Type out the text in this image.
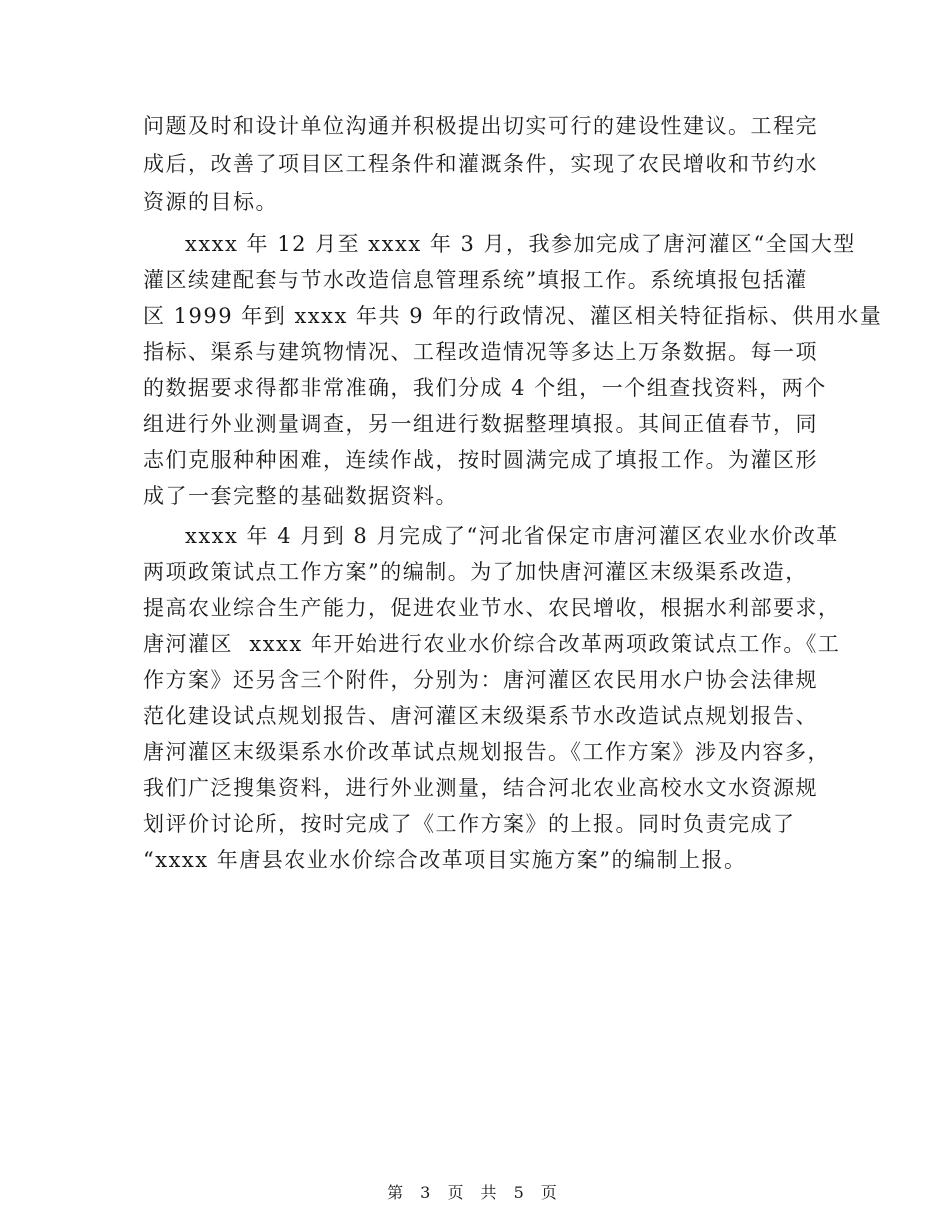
问题及时和设计单位沟通并积极提出切实可行的建设性建议。工程完
成后，改善了项目区工程条件和灌溉条件，实现了农民增收和节约水
资源的目标。
xxxx 年 12 月至 xxxx 年 3 月，我参加完成了唐河灌区“全国大型
灌区续建配套与节水改造信息管理系统”填报工作。系统填报包括灌
区 1999 年到 xxxx 年共 9 年的行政情况、灌区相关特征指标、供用水量
指标、渠系与建筑物情况、工程改造情况等多达上万条数据。每一项
的数据要求得都非常准确，我们分成 4 个组，一个组查找资料，两个
组进行外业测量调查，另一组进行数据整理填报。其间正值春节，同
志们克服种种困难，连续作战，按时圆满完成了填报工作。为灌区形
成了一套完整的基础数据资料。
xxxx 年 4 月到 8 月完成了“河北省保定市唐河灌区农业水价改革
两项政策试点工作方案”的编制。为了加快唐河灌区末级渠系改造，
提高农业综合生产能力，促进农业节水、农民增收，根据水利部要求，
唐河灌区  xxxx 年开始进行农业水价综合改革两项政策试点工作。《工
作方案》还另含三个附件，分别为：唐河灌区农民用水户协会法律规
范化建设试点规划报告、唐河灌区末级渠系节水改造试点规划报告、
唐河灌区末级渠系水价改革试点规划报告。《工作方案》涉及内容多，
我们广泛搜集资料，进行外业测量，结合河北农业高校水文水资源规
划评价讨论所，按时完成了《工作方案》的上报。同时负责完成了
“xxxx 年唐县农业水价综合改革项目实施方案”的编制上报。
第 3 页 共 5 页
